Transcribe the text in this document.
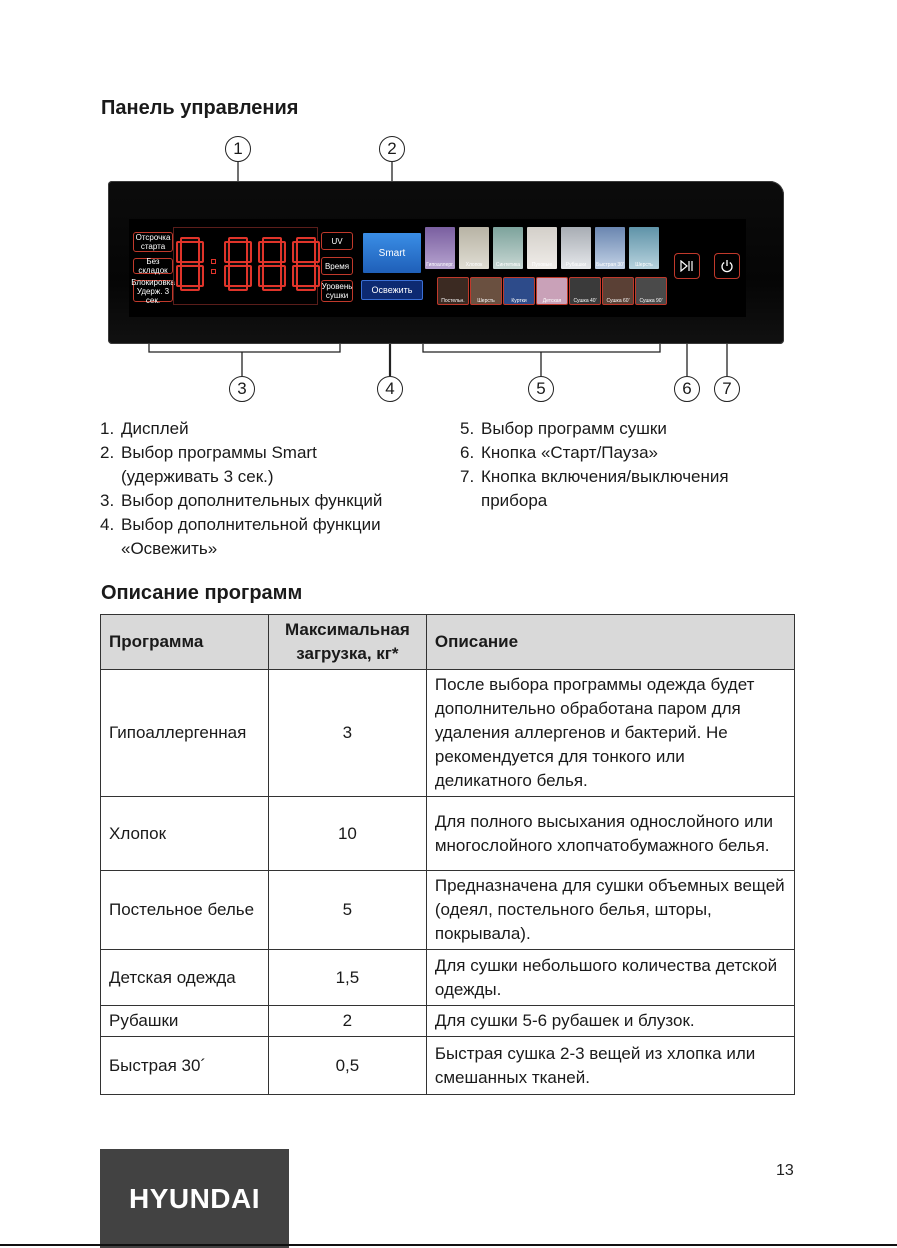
Панель управления
1	2
Отсрочка старта
Без складок
Блокировка Удерж. 3 сек.
UV
Время
Уровень сушки
Smart
Освежить
Гипоаллерг.	Хлопок	Синтетика	Пуховые	Рубашки	Быстрая 30'	Шерсть
Постельн.	Шерсть	Куртки	Детская	Сушка 40'	Сушка 60'	Сушка 90'
3	4	5	6	7
1. Дисплей
2. Выбор программы Smart
(удерживать 3 сек.)
3. Выбор дополнительных функций
4. Выбор дополнительной функции
«Освежить»
5. Выбор программ сушки
6. Кнопка «Старт/Пауза»
7. Кнопка включения/выключения
прибора
Описание программ
Программа	Максимальная загрузка, кг*	Описание
Гипоаллергенная	3	После выбора программы одежда будет дополнительно обработана паром для удаления аллергенов и бактерий. Не рекомендуется для тонкого или деликатного белья.
Хлопок	10	Для полного высыхания однослойного или многослойного хлопчатобумажного белья.
Постельное белье	5	Предназначена для сушки объемных вещей (одеял, постельного белья, шторы, покрывала).
Детская одежда	1,5	Для сушки небольшого количества детской одежды.
Рубашки	2	Для сушки 5-6 рубашек и блузок.
Быстрая 30´	0,5	Быстрая сушка 2-3 вещей из хлопка или смешанных тканей.
HYUNDAI
13
